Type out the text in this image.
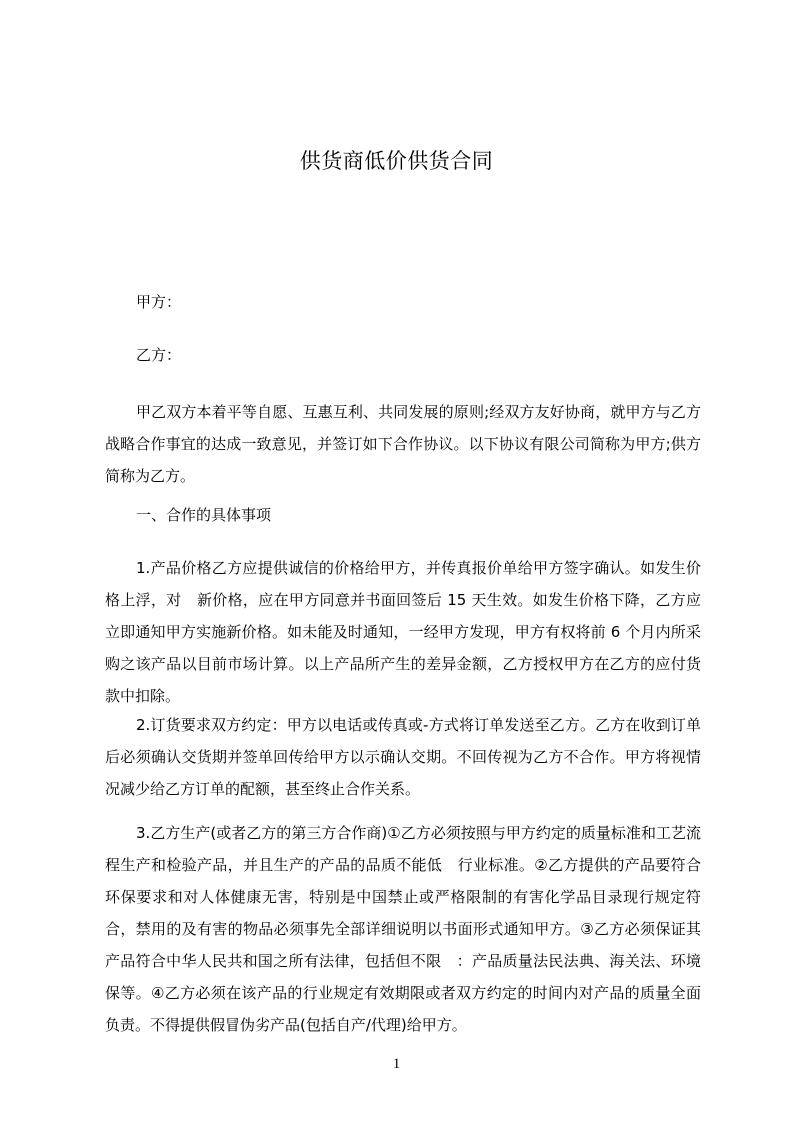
供货商低价供货合同
甲方：
乙方：
甲乙双方本着平等自愿、互惠互利、共同发展的原则;经双方友好协商，就甲方与乙方战略合作事宜的达成一致意见，并签订如下合作协议。以下协议有限公司简称为甲方;供方简称为乙方。
一、合作的具体事项
1.产品价格乙方应提供诚信的价格给甲方，并传真报价单给甲方签字确认。如发生价格上浮，对　新价格，应在甲方同意并书面回签后 15 天生效。如发生价格下降，乙方应立即通知甲方实施新价格。如未能及时通知，一经甲方发现，甲方有权将前 6 个月内所采购之该产品以目前市场计算。以上产品所产生的差异金额，乙方授权甲方在乙方的应付货款中扣除。
2.订货要求双方约定：甲方以电话或传真或-方式将订单发送至乙方。乙方在收到订单后必须确认交货期并签单回传给甲方以示确认交期。不回传视为乙方不合作。甲方将视情况减少给乙方订单的配额，甚至终止合作关系。
3.乙方生产(或者乙方的第三方合作商)①乙方必须按照与甲方约定的质量标准和工艺流程生产和检验产品，并且生产的产品的品质不能低　行业标准。②乙方提供的产品要符合环保要求和对人体健康无害，特别是中国禁止或严格限制的有害化学品目录现行规定符合，禁用的及有害的物品必须事先全部详细说明以书面形式通知甲方。③乙方必须保证其产品符合中华人民共和国之所有法律，包括但不限　：产品质量法民法典、海关法、环境保等。④乙方必须在该产品的行业规定有效期限或者双方约定的时间内对产品的质量全面负责。不得提供假冒伪劣产品(包括自产/代理)给甲方。
1
